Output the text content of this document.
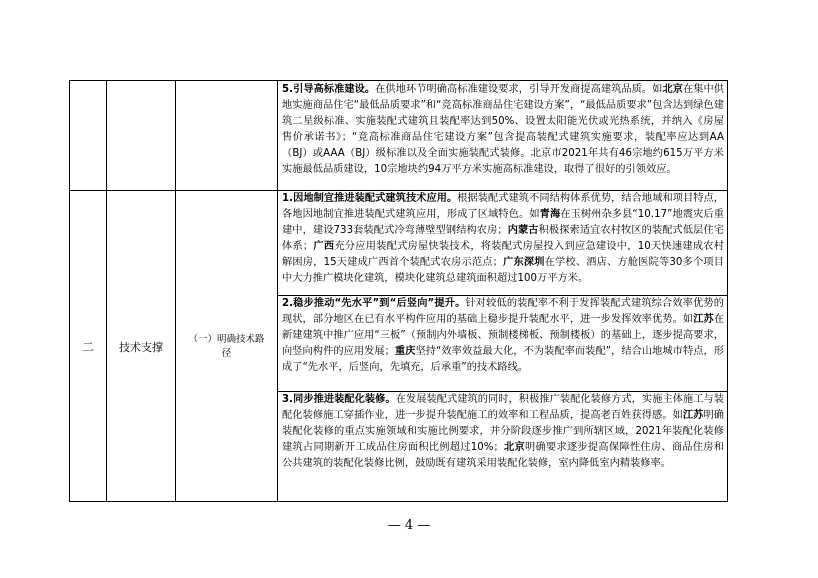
二	技术支撑
（一）明确技术路径
5.引导高标准建设。在供地环节明确高标准建设要求，引导开发商提高建筑品质。如北京在集中供地实施商品住宅“最低品质要求”和“竞高标准商品住宅建设方案”，“最低品质要求”包含达到绿色建筑二星级标准、实施装配式建筑且装配率达到50%、设置太阳能光伏或光热系统，并纳入《房屋售价承诺书》；“竞高标准商品住宅建设方案”包含提高装配式建筑实施要求，装配率应达到AA（BJ）或AAA（BJ）级标准以及全面实施装配式装修。北京市2021年共有46宗地约615万平方米实施最低品质建设，10宗地块约94万平方米实施高标准建设，取得了很好的引领效应。
1.因地制宜推进装配式建筑技术应用。根据装配式建筑不同结构体系优势，结合地域和项目特点，各地因地制宜推进装配式建筑应用，形成了区域特色。如青海在玉树州杂多县“10.17”地震灾后重建中，建设733套装配式冷弯薄壁型钢结构农房；内蒙古积极探索适宜农村牧区的装配式低层住宅体系；广西充分应用装配式房屋快装技术，将装配式房屋投入到应急建设中，10天快速建成农村解困房，15天建成广西首个装配式农房示范点；广东深圳在学校、酒店、方舱医院等30多个项目中大力推广模块化建筑，模块化建筑总建筑面积超过100万平方米。
2.稳步推动“先水平”到“后竖向”提升。针对较低的装配率不利于发挥装配式建筑综合效率优势的现状，部分地区在已有水平构件应用的基础上稳步提升装配水平，进一步发挥效率优势。如江苏在新建建筑中推广应用“三板”（预制内外墙板、预制楼梯板、预制楼板）的基础上，逐步提高要求，向竖向构件的应用发展；重庆坚持“效率效益最大化，不为装配率而装配”，结合山地城市特点，形成了“先水平，后竖向，先填充，后承重”的技术路线。
3.同步推进装配化装修。在发展装配式建筑的同时，积极推广装配化装修方式，实施主体施工与装配化装修施工穿插作业，进一步提升装配施工的效率和工程品质，提高老百姓获得感。如江苏明确装配化装修的重点实施领域和实施比例要求，并分阶段逐步推广到所辖区域，2021年装配化装修建筑占同期新开工成品住房面积比例超过10%；北京明确要求逐步提高保障性住房、商品住房和公共建筑的装配化装修比例，鼓励既有建筑采用装配化装修，室内降低室内精装修率。
— 4 —
